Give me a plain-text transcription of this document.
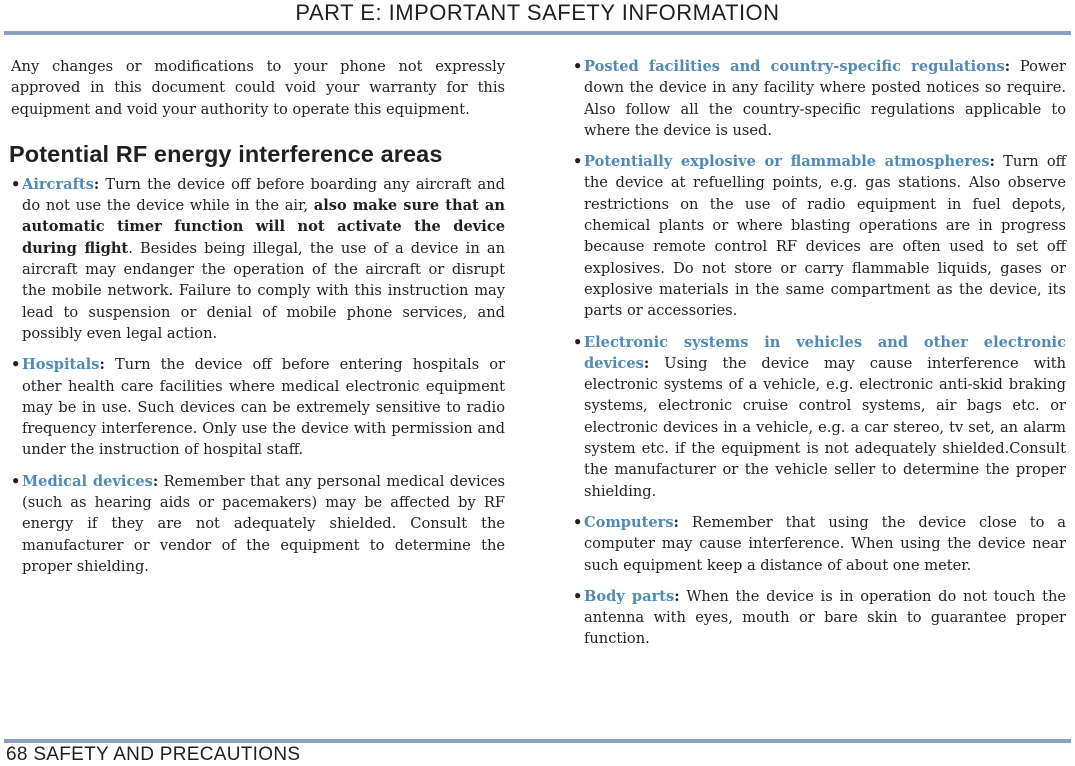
PART E: IMPORTANT SAFETY INFORMATION

Any changes or modifications to your phone not expressly approved in this document could void your warranty for this equipment and void your authority to operate this equipment.

Potential RF energy interference areas
• Aircrafts: Turn the device off before boarding any aircraft and do not use the device while in the air, also make sure that an automatic timer function will not activate the device during flight. Besides being illegal, the use of a device in an aircraft may endanger the operation of the aircraft or disrupt the mobile network. Failure to comply with this instruction may lead to suspension or denial of mobile phone services, and possibly even legal action.
• Hospitals: Turn the device off before entering hospitals or other health care facilities where medical electronic equipment may be in use. Such devices can be extremely sensitive to radio frequency interference. Only use the device with permission and under the instruction of hospital staff.
• Medical devices: Remember that any personal medical devices (such as hearing aids or pacemakers) may be affected by RF energy if they are not adequately shielded. Consult the manufacturer or vendor of the equipment to determine the proper shielding.
• Posted facilities and country-specific regulations: Power down the device in any facility where posted notices so require. Also follow all the country-specific regulations applicable to where the device is used.
• Potentially explosive or flammable atmospheres: Turn off the device at refuelling points, e.g. gas stations. Also observe restrictions on the use of radio equipment in fuel depots, chemical plants or where blasting operations are in progress because remote control RF devices are often used to set off explosives. Do not store or carry flammable liquids, gases or explosive materials in the same compartment as the device, its parts or accessories.
• Electronic systems in vehicles and other electronic devices: Using the device may cause interference with electronic systems of a vehicle, e.g. electronic anti-skid braking systems, electronic cruise control systems, air bags etc. or electronic devices in a vehicle, e.g. a car stereo, tv set, an alarm system etc. if the equipment is not adequately shielded.Consult the manufacturer or the vehicle seller to determine the proper shielding.
• Computers: Remember that using the device close to a computer may cause interference. When using the device near such equipment keep a distance of about one meter.
• Body parts: When the device is in operation do not touch the antenna with eyes, mouth or bare skin to guarantee proper function.
68 SAFETY AND PRECAUTIONS
